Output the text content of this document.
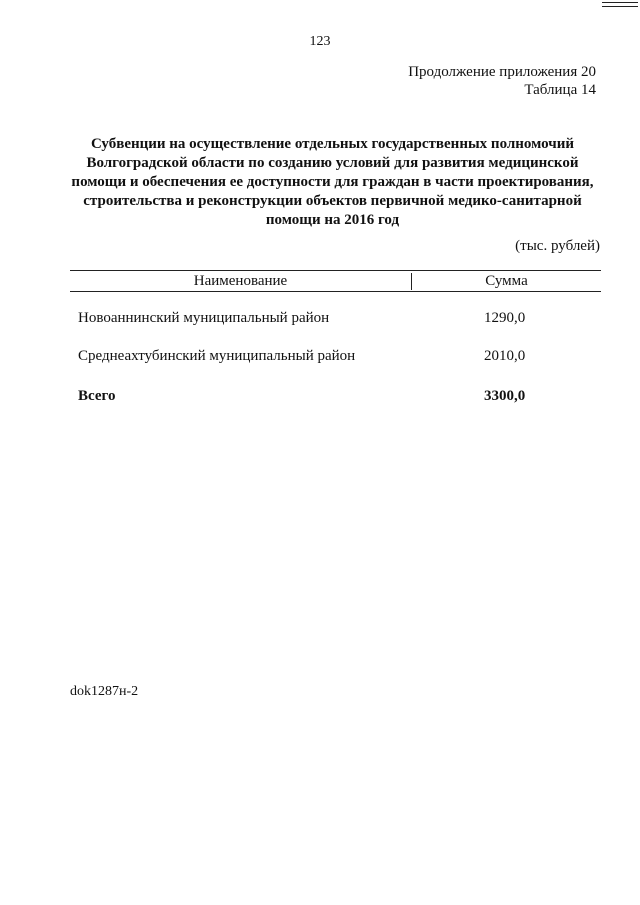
123
Продолжение приложения 20
Таблица 14
Субвенции на осуществление отдельных государственных полномочий
Волгоградской области по созданию условий для развития медицинской
помощи и обеспечения ее доступности для граждан в части проектирования,
строительства и реконструкции объектов первичной медико-санитарной
помощи на 2016 год
(тыс. рублей)
Наименование	Сумма
Новоаннинский муниципальный район	1290,0
Среднеахтубинский муниципальный район	2010,0
Всего	3300,0
dok1287н-2
